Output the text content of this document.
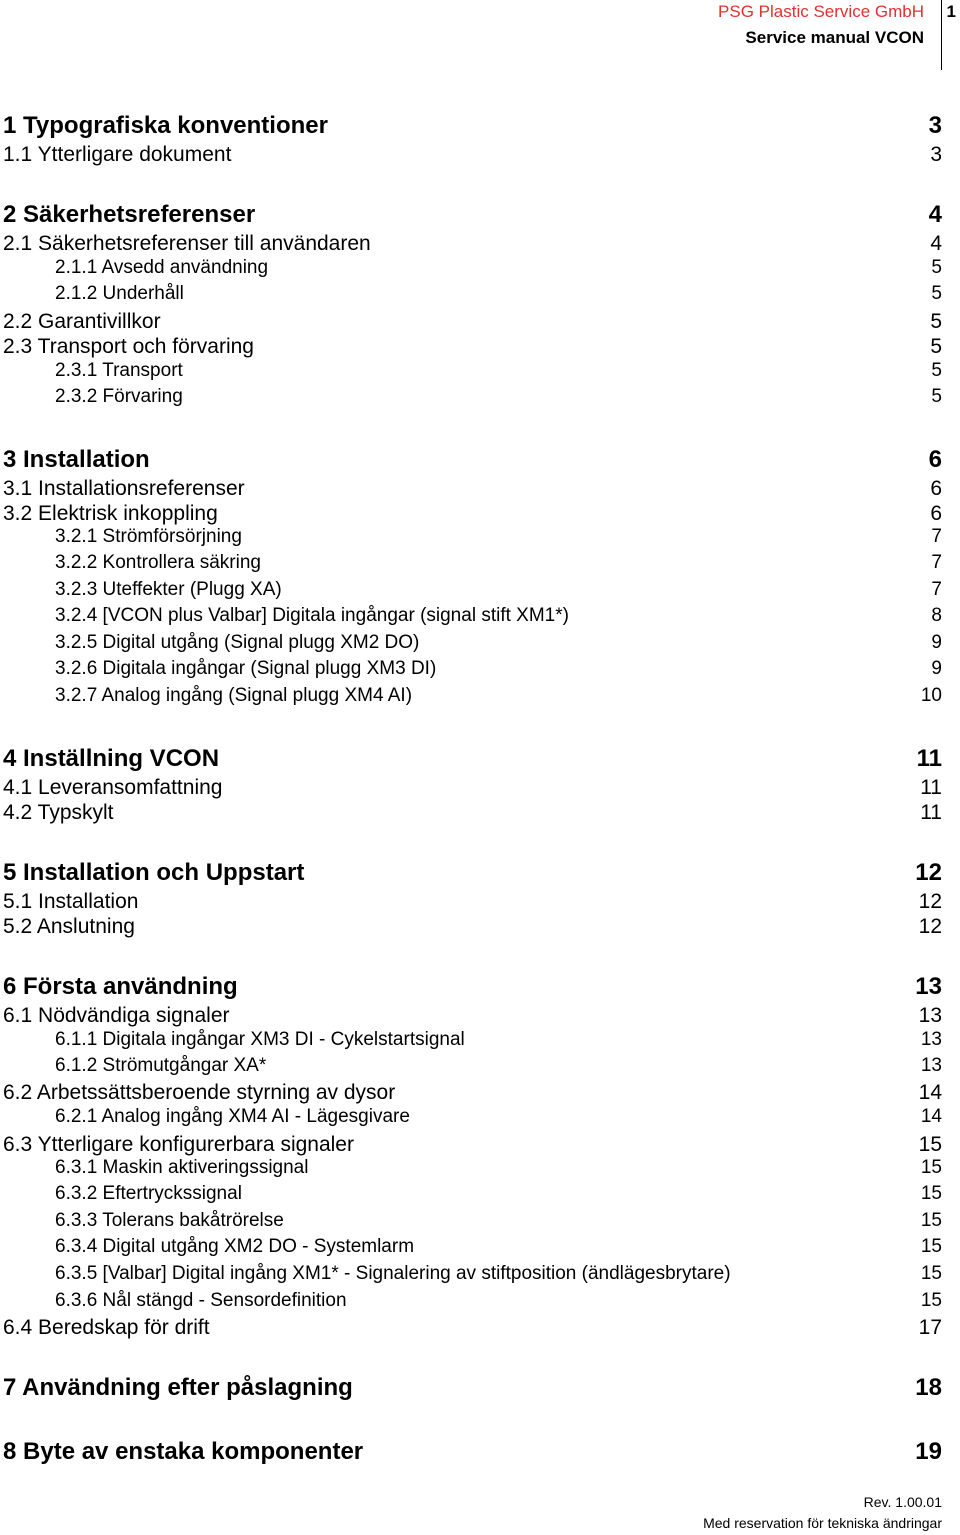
PSG Plastic Service GmbH
Service manual VCON
1
1 Typografiska konventioner	3
1.1 Ytterligare dokument	3
2 Säkerhetsreferenser	4
2.1 Säkerhetsreferenser till användaren	4
2.1.1 Avsedd användning	5
2.1.2 Underhåll	5
2.2 Garantivillkor	5
2.3 Transport och förvaring	5
2.3.1 Transport	5
2.3.2 Förvaring	5
3 Installation	6
3.1 Installationsreferenser	6
3.2 Elektrisk inkoppling	6
3.2.1 Strömförsörjning	7
3.2.2 Kontrollera säkring	7
3.2.3 Uteffekter (Plugg XA)	7
3.2.4 [VCON plus Valbar] Digitala ingångar (signal stift XM1*)	8
3.2.5 Digital utgång (Signal plugg XM2 DO)	9
3.2.6 Digitala ingångar (Signal plugg XM3 DI)	9
3.2.7 Analog ingång (Signal plugg XM4 AI)	10
4 Inställning VCON	11
4.1 Leveransomfattning	11
4.2 Typskylt	11
5 Installation och Uppstart	12
5.1 Installation	12
5.2 Anslutning	12
6 Första användning	13
6.1 Nödvändiga signaler	13
6.1.1 Digitala ingångar XM3 DI - Cykelstartsignal	13
6.1.2 Strömutgångar XA*	13
6.2 Arbetssättsberoende styrning av dysor	14
6.2.1 Analog ingång XM4 AI - Lägesgivare	14
6.3 Ytterligare konfigurerbara signaler	15
6.3.1 Maskin aktiveringssignal	15
6.3.2 Eftertryckssignal	15
6.3.3 Tolerans bakåtrörelse	15
6.3.4 Digital utgång XM2 DO - Systemlarm	15
6.3.5 [Valbar] Digital ingång XM1* - Signalering av stiftposition (ändlägesbrytare)	15
6.3.6 Nål stängd - Sensordefinition	15
6.4 Beredskap för drift	17
7 Användning efter påslagning	18
8 Byte av enstaka komponenter	19
Rev. 1.00.01
Med reservation för tekniska ändringar
